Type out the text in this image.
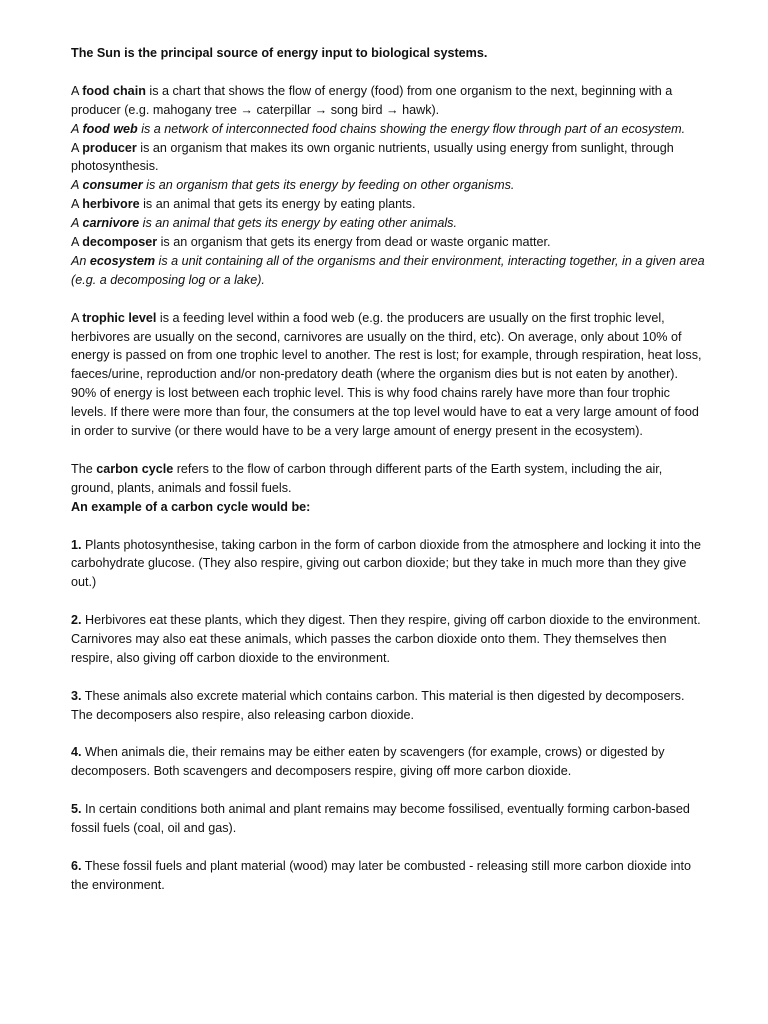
The Sun is the principal source of energy input to biological systems.

A food chain is a chart that shows the flow of energy (food) from one organism to the next, beginning with a producer (e.g. mahogany tree → caterpillar → song bird → hawk).

A food web is a network of interconnected food chains showing the energy flow through part of an ecosystem.

A producer is an organism that makes its own organic nutrients, usually using energy from sunlight, through photosynthesis.

A consumer is an organism that gets its energy by feeding on other organisms.

A herbivore is an animal that gets its energy by eating plants.

A carnivore is an animal that gets its energy by eating other animals.

A decomposer is an organism that gets its energy from dead or waste organic matter.

An ecosystem is a unit containing all of the organisms and their environment, interacting together, in a given area (e.g. a decomposing log or a lake).

A trophic level is a feeding level within a food web (e.g. the producers are usually on the first trophic level, herbivores are usually on the second, carnivores are usually on the third, etc). On average, only about 10% of energy is passed on from one trophic level to another. The rest is lost; for example, through respiration, heat loss, faeces/urine, reproduction and/or non-predatory death (where the organism dies but is not eaten by another).

90% of energy is lost between each trophic level. This is why food chains rarely have more than four trophic levels. If there were more than four, the consumers at the top level would have to eat a very large amount of food in order to survive (or there would have to be a very large amount of energy present in the ecosystem).

The carbon cycle refers to the flow of carbon through different parts of the Earth system, including the air, ground, plants, animals and fossil fuels.

An example of a carbon cycle would be:

1. Plants photosynthesise, taking carbon in the form of carbon dioxide from the atmosphere and locking it into the carbohydrate glucose. (They also respire, giving out carbon dioxide; but they take in much more than they give out.)

2. Herbivores eat these plants, which they digest. Then they respire, giving off carbon dioxide to the environment. Carnivores may also eat these animals, which passes the carbon dioxide onto them. They themselves then respire, also giving off carbon dioxide to the environment.

3. These animals also excrete material which contains carbon. This material is then digested by decomposers. The decomposers also respire, also releasing carbon dioxide.

4. When animals die, their remains may be either eaten by scavengers (for example, crows) or digested by decomposers. Both scavengers and decomposers respire, giving off more carbon dioxide.

5. In certain conditions both animal and plant remains may become fossilised, eventually forming carbon-based fossil fuels (coal, oil and gas).

6. These fossil fuels and plant material (wood) may later be combusted - releasing still more carbon dioxide into the environment.
